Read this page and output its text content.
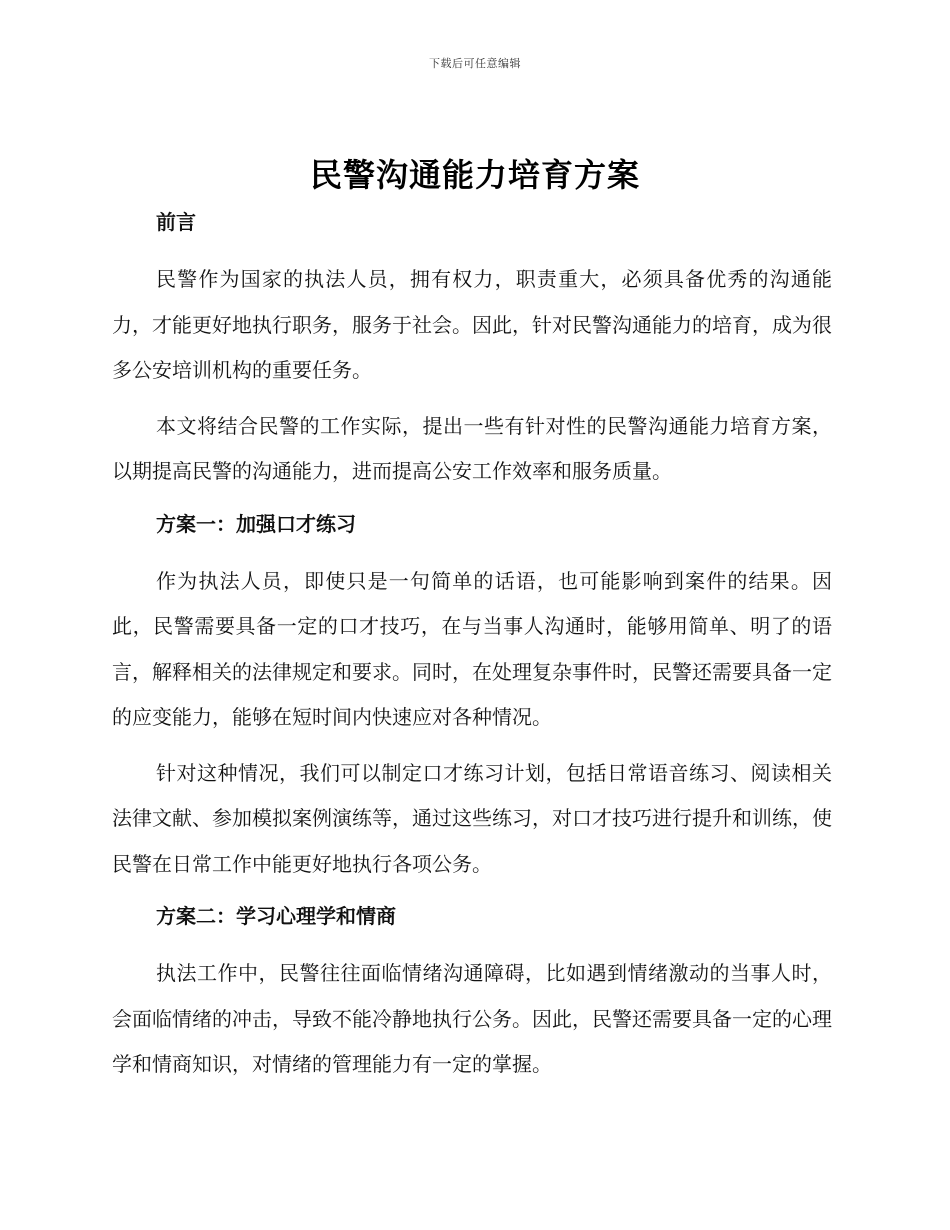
下载后可任意编辑
民警沟通能力培育方案

前言

民警作为国家的执法人员，拥有权力，职责重大，必须具备优秀的沟通能力，才能更好地执行职务，服务于社会。因此，针对民警沟通能力的培育，成为很多公安培训机构的重要任务。

本文将结合民警的工作实际，提出一些有针对性的民警沟通能力培育方案，以期提高民警的沟通能力，进而提高公安工作效率和服务质量。

方案一：加强口才练习

作为执法人员，即使只是一句简单的话语，也可能影响到案件的结果。因此，民警需要具备一定的口才技巧，在与当事人沟通时，能够用简单、明了的语言，解释相关的法律规定和要求。同时，在处理复杂事件时，民警还需要具备一定的应变能力，能够在短时间内快速应对各种情况。

针对这种情况，我们可以制定口才练习计划，包括日常语音练习、阅读相关法律文献、参加模拟案例演练等，通过这些练习，对口才技巧进行提升和训练，使民警在日常工作中能更好地执行各项公务。

方案二：学习心理学和情商

执法工作中，民警往往面临情绪沟通障碍，比如遇到情绪激动的当事人时，会面临情绪的冲击，导致不能冷静地执行公务。因此，民警还需要具备一定的心理学和情商知识，对情绪的管理能力有一定的掌握。
